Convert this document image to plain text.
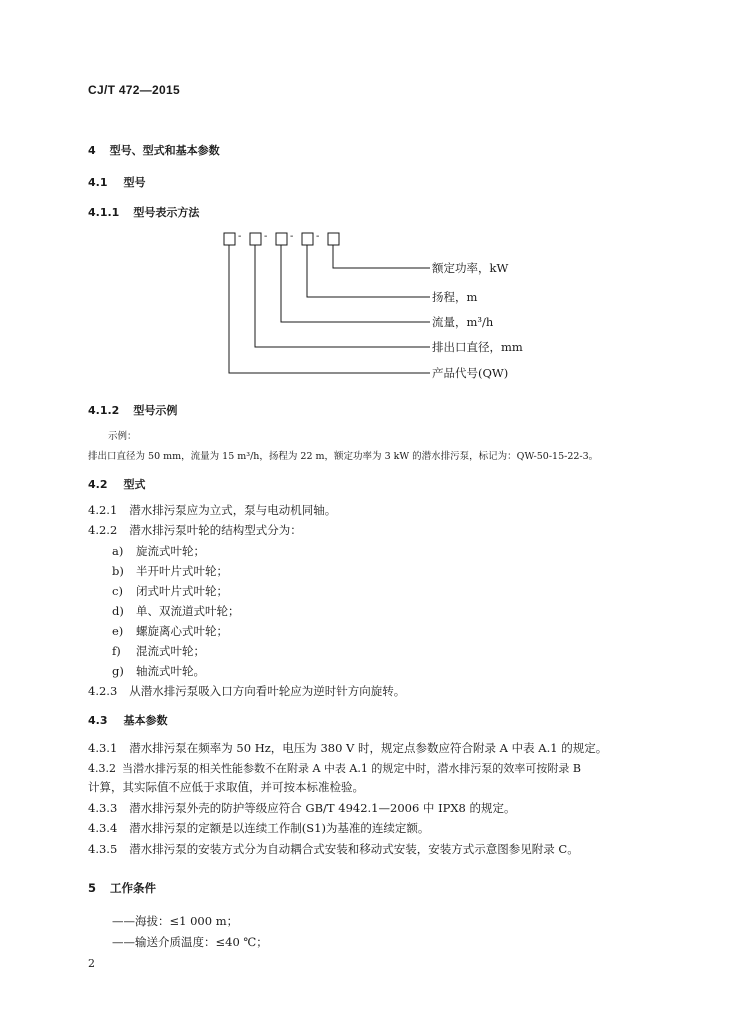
CJ/T 472—2015
4 型号、型式和基本参数
4.1 型号
4.1.1 型号表示方法
- - - -
额定功率，kW
扬程，m
流量，m³/h
排出口直径，mm
产品代号(QW)
4.1.2 型号示例
示例：
排出口直径为 50 mm，流量为 15 m³/h，扬程为 22 m，额定功率为 3 kW 的潜水排污泵，标记为：QW-50-15-22-3。
4.2 型式
4.2.1 潜水排污泵应为立式，泵与电动机同轴。
4.2.2 潜水排污泵叶轮的结构型式分为：
a) 旋流式叶轮；
b) 半开叶片式叶轮；
c) 闭式叶片式叶轮；
d) 单、双流道式叶轮；
e) 螺旋离心式叶轮；
f) 混流式叶轮；
g) 轴流式叶轮。
4.2.3 从潜水排污泵吸入口方向看叶轮应为逆时针方向旋转。
4.3 基本参数
4.3.1 潜水排污泵在频率为 50 Hz，电压为 380 V 时，规定点参数应符合附录 A 中表 A.1 的规定。
4.3.2 当潜水排污泵的相关性能参数不在附录 A 中表 A.1 的规定中时，潜水排污泵的效率可按附录 B
计算，其实际值不应低于求取值，并可按本标准检验。
4.3.3 潜水排污泵外壳的防护等级应符合 GB/T 4942.1—2006 中 IPX8 的规定。
4.3.4 潜水排污泵的定额是以连续工作制(S1)为基准的连续定额。
4.3.5 潜水排污泵的安装方式分为自动耦合式安装和移动式安装，安装方式示意图参见附录 C。
5 工作条件
——海拔：≤1 000 m；
——输送介质温度：≤40 ℃；
2
